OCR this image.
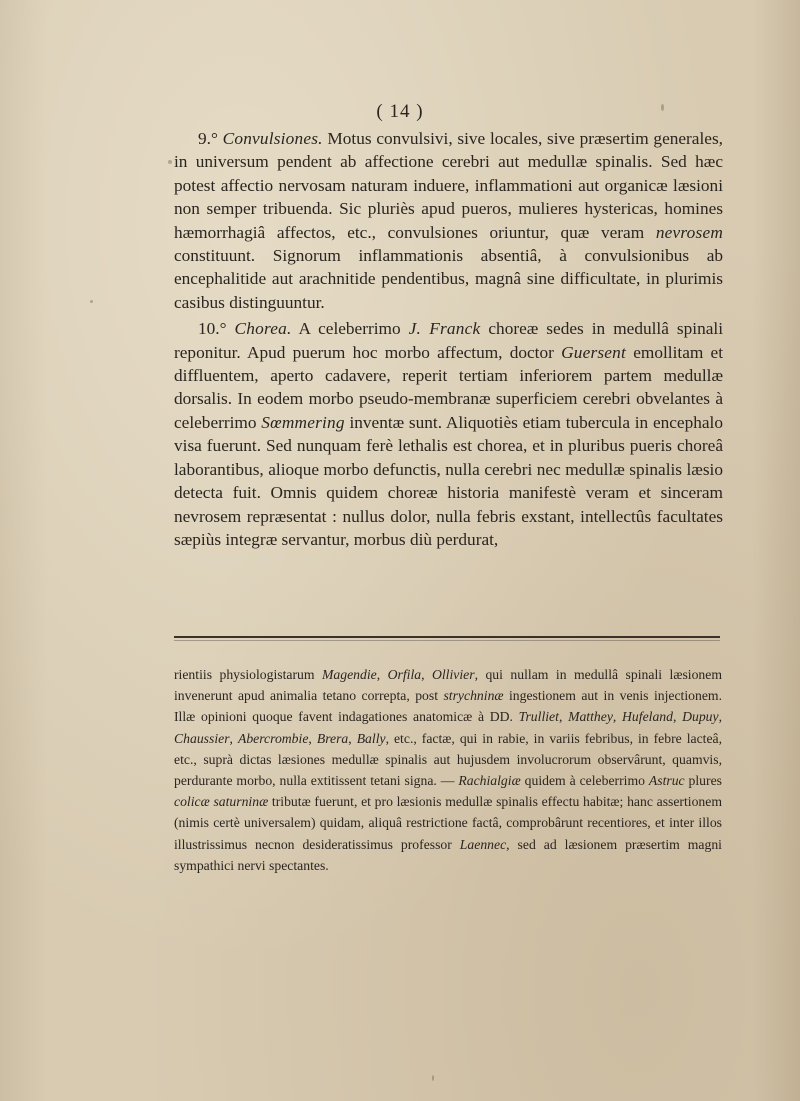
( 14 )

9.° Convulsiones. Motus convulsivi, sive locales, sive præsertim generales, in universum pendent ab affectione cerebri aut medullæ spinalis. Sed hæc potest affectio nervosam naturam induere, inflammationi aut organicæ læsioni non semper tribuenda. Sic pluriès apud pueros, mulieres hystericas, homines hæmorrhagiâ affectos, etc., convulsiones oriuntur, quæ veram nevrosem constituunt. Signorum inflammationis absentiâ, à convulsionibus ab encephalitide aut arachnitide pendentibus, magnâ sine difficultate, in plurimis casibus distinguuntur.

10.° Chorea. A celeberrimo J. Franck choreæ sedes in medullâ spinali reponitur. Apud puerum hoc morbo affectum, doctor Guersent emollitam et diffluentem, aperto cadavere, reperit tertiam inferiorem partem medullæ dorsalis. In eodem morbo pseudo-membranæ superficiem cerebri obvelantes à celeberrimo Sœmmering inventæ sunt. Aliquotiès etiam tubercula in encephalo visa fuerunt. Sed nunquam ferè lethalis est chorea, et in pluribus pueris choreâ laborantibus, alioque morbo defunctis, nulla cerebri nec medullæ spinalis læsio detecta fuit. Omnis quidem choreæ historia manifestè veram et sinceram nevrosem repræsentat : nullus dolor, nulla febris exstant, intellectûs facultates sæpiùs integræ servantur, morbus diù perdurat,

rientiis physiologistarum Magendie, Orfila, Ollivier, qui nullam in medullâ spinali læsionem invenerunt apud animalia tetano correpta, post strychninæ ingestionem aut in venis injectionem. Illæ opinioni quoque favent indagationes anatomicæ à DD. Trulliet, Matthey, Hufeland, Dupuy, Chaussier, Abercrombie, Brera, Bally, etc., factæ, qui in rabie, in variis febribus, in febre lacteâ, etc., suprà dictas læsiones medullæ spinalis aut hujusdem involucrorum observârunt, quamvis, perdurante morbo, nulla extitissent tetani signa. — Rachialgiæ quidem à celeberrimo Astruc plures colicæ saturninæ tributæ fuerunt, et pro læsionis medullæ spinalis effectu habitæ; hanc assertionem (nimis certè universalem) quidam, aliquâ restrictione factâ, comprobârunt recentiores, et inter illos illustrissimus necnon desideratissimus professor Laennec, sed ad læsionem præsertim magni sympathici nervi spectantes.
